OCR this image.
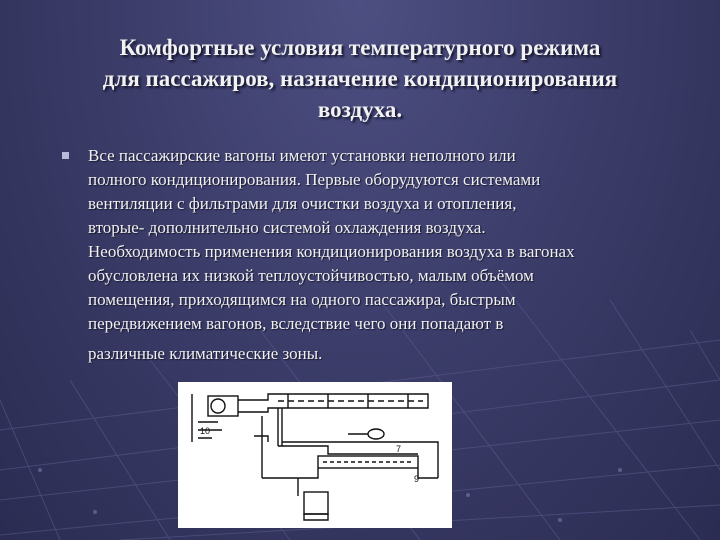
Комфортные условия температурного режима
для пассажиров, назначение кондиционирования
воздуха.
Все пассажирские вагоны имеют установки неполного или
полного кондиционирования. Первые оборудуются системами
вентиляции с фильтрами для очистки воздуха и отопления,
вторые- дополнительно системой охлаждения воздуха.
Необходимость применения кондиционирования воздуха в вагонах
обусловлена их низкой теплоустойчивостью, малым объёмом
помещения, приходящимся на одного пассажира, быстрым
передвижением вагонов, вследствие чего они попадают в
различные климатические зоны.
7
9
10
